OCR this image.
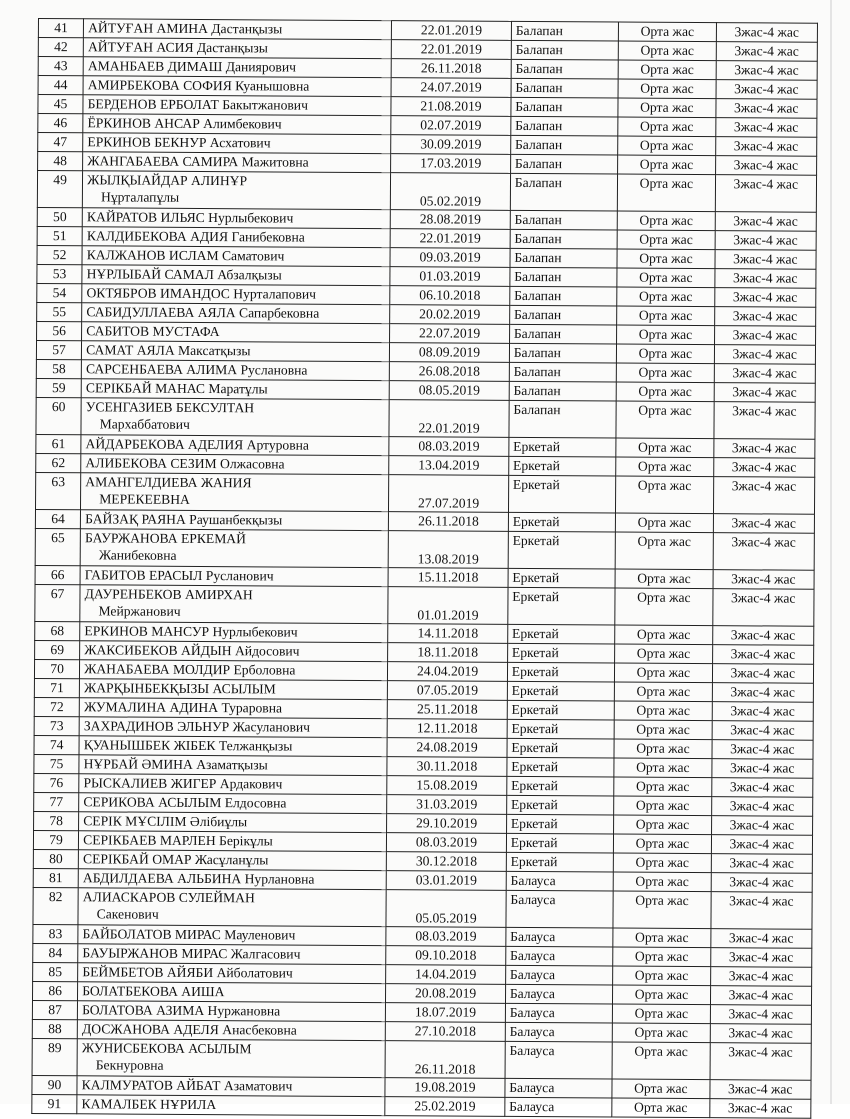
41	АЙТУҒАН АМИНА Дастанқызы	22.01.2019	Балапан	Орта жас	3жас-4 жас
42	АЙТУҒАН АСИЯ Дастанқызы	22.01.2019	Балапан	Орта жас	3жас-4 жас
43	АМАНБАЕВ ДИМАШ Даниярович	26.11.2018	Балапан	Орта жас	3жас-4 жас
44	АМИРБЕКОВА СОФИЯ Куанышовна	24.07.2019	Балапан	Орта жас	3жас-4 жас
45	БЕРДЕНОВ ЕРБОЛАТ Бакытжанович	21.08.2019	Балапан	Орта жас	3жас-4 жас
46	ЁРКИНОВ АНСАР Алимбекович	02.07.2019	Балапан	Орта жас	3жас-4 жас
47	ЕРКИНОВ БЕКНУР Асхатович	30.09.2019	Балапан	Орта жас	3жас-4 жас
48	ЖАНГАБАЕВА САМИРА Мажитовна	17.03.2019	Балапан	Орта жас	3жас-4 жас
49	ЖЫЛҚЫАЙДАР АЛИНҰР
Нұрталапұлы	05.02.2019	Балапан	Орта жас	3жас-4 жас
50	КАЙРАТОВ ИЛЬЯС Нурлыбекович	28.08.2019	Балапан	Орта жас	3жас-4 жас
51	КАЛДИБЕКОВА АДИЯ Ганибековна	22.01.2019	Балапан	Орта жас	3жас-4 жас
52	КАЛЖАНОВ ИСЛАМ Саматович	09.03.2019	Балапан	Орта жас	3жас-4 жас
53	НҰРЛЫБАЙ САМАЛ Абзалқызы	01.03.2019	Балапан	Орта жас	3жас-4 жас
54	ОКТЯБРОВ ИМАНДОС Нурталапович	06.10.2018	Балапан	Орта жас	3жас-4 жас
55	САБИДУЛЛАЕВА АЯЛА Сапарбековна	20.02.2019	Балапан	Орта жас	3жас-4 жас
56	САБИТОВ МУСТАФА	22.07.2019	Балапан	Орта жас	3жас-4 жас
57	САМАТ АЯЛА Максатқызы	08.09.2019	Балапан	Орта жас	3жас-4 жас
58	САРСЕНБАЕВА АЛИМА Руслановна	26.08.2018	Балапан	Орта жас	3жас-4 жас
59	СЕРІКБАЙ МАНАС Маратұлы	08.05.2019	Балапан	Орта жас	3жас-4 жас
60	УСЕНГАЗИЕВ БЕКСУЛТАН
Мархаббатович	22.01.2019	Балапан	Орта жас	3жас-4 жас
61	АЙДАРБЕКОВА АДЕЛИЯ Артуровна	08.03.2019	Еркетай	Орта жас	3жас-4 жас
62	АЛИБЕКОВА СЕЗИМ Олжасовна	13.04.2019	Еркетай	Орта жас	3жас-4 жас
63	АМАНГЕЛДИЕВА ЖАНИЯ
МЕРЕКЕЕВНА	27.07.2019	Еркетай	Орта жас	3жас-4 жас
64	БАЙЗАҚ РАЯНА Раушанбекқызы	26.11.2018	Еркетай	Орта жас	3жас-4 жас
65	БАУРЖАНОВА ЕРКЕМАЙ
Жанибековна	13.08.2019	Еркетай	Орта жас	3жас-4 жас
66	ГАБИТОВ ЕРАСЫЛ Русланович	15.11.2018	Еркетай	Орта жас	3жас-4 жас
67	ДАУРЕНБЕКОВ АМИРХАН
Мейржанович	01.01.2019	Еркетай	Орта жас	3жас-4 жас
68	ЕРКИНОВ МАНСУР Нурлыбекович	14.11.2018	Еркетай	Орта жас	3жас-4 жас
69	ЖАКСИБЕКОВ АЙДЫН Айдосович	18.11.2018	Еркетай	Орта жас	3жас-4 жас
70	ЖАНАБАЕВА МОЛДИР Ерболовна	24.04.2019	Еркетай	Орта жас	3жас-4 жас
71	ЖАРҚЫНБЕКҚЫЗЫ АСЫЛЫМ	07.05.2019	Еркетай	Орта жас	3жас-4 жас
72	ЖУМАЛИНА АДИНА Тураровна	25.11.2018	Еркетай	Орта жас	3жас-4 жас
73	ЗАХРАДИНОВ ЭЛЬНУР Жасуланович	12.11.2018	Еркетай	Орта жас	3жас-4 жас
74	ҚУАНЫШБЕК ЖІБЕК Телжанқызы	24.08.2019	Еркетай	Орта жас	3жас-4 жас
75	НҰРБАЙ ӘМИНА Азаматқызы	30.11.2018	Еркетай	Орта жас	3жас-4 жас
76	РЫСКАЛИЕВ ЖИГЕР Ардакович	15.08.2019	Еркетай	Орта жас	3жас-4 жас
77	СЕРИКОВА АСЫЛЫМ Елдосовна	31.03.2019	Еркетай	Орта жас	3жас-4 жас
78	СЕРІК МҰСІЛІМ Әлібиұлы	29.10.2019	Еркетай	Орта жас	3жас-4 жас
79	СЕРІКБАЕВ МАРЛЕН Берікұлы	08.03.2019	Еркетай	Орта жас	3жас-4 жас
80	СЕРІКБАЙ ОМАР Жасұланұлы	30.12.2018	Еркетай	Орта жас	3жас-4 жас
81	АБДИЛДАЕВА АЛЬБИНА Нурлановна	03.01.2019	Балауса	Орта жас	3жас-4 жас
82	АЛИАСКАРОВ СУЛЕЙМАН
Сакенович	05.05.2019	Балауса	Орта жас	3жас-4 жас
83	БАЙБОЛАТОВ МИРАС Мауленович	08.03.2019	Балауса	Орта жас	3жас-4 жас
84	БАУЫРЖАНОВ МИРАС Жалгасович	09.10.2018	Балауса	Орта жас	3жас-4 жас
85	БЕЙМБЕТОВ АЙЯБИ Айболатович	14.04.2019	Балауса	Орта жас	3жас-4 жас
86	БОЛАТБЕКОВА АИША	20.08.2019	Балауса	Орта жас	3жас-4 жас
87	БОЛАТОВА АЗИМА Нуржановна	18.07.2019	Балауса	Орта жас	3жас-4 жас
88	ДОСЖАНОВА АДЕЛЯ Анасбековна	27.10.2018	Балауса	Орта жас	3жас-4 жас
89	ЖУНИСБЕКОВА АСЫЛЫМ
Бекнуровна	26.11.2018	Балауса	Орта жас	3жас-4 жас
90	КАЛМУРАТОВ АЙБАТ Азаматович	19.08.2019	Балауса	Орта жас	3жас-4 жас
91	КАМАЛБЕК НҰРИЛА	25.02.2019	Балауса	Орта жас	3жас-4 жас
